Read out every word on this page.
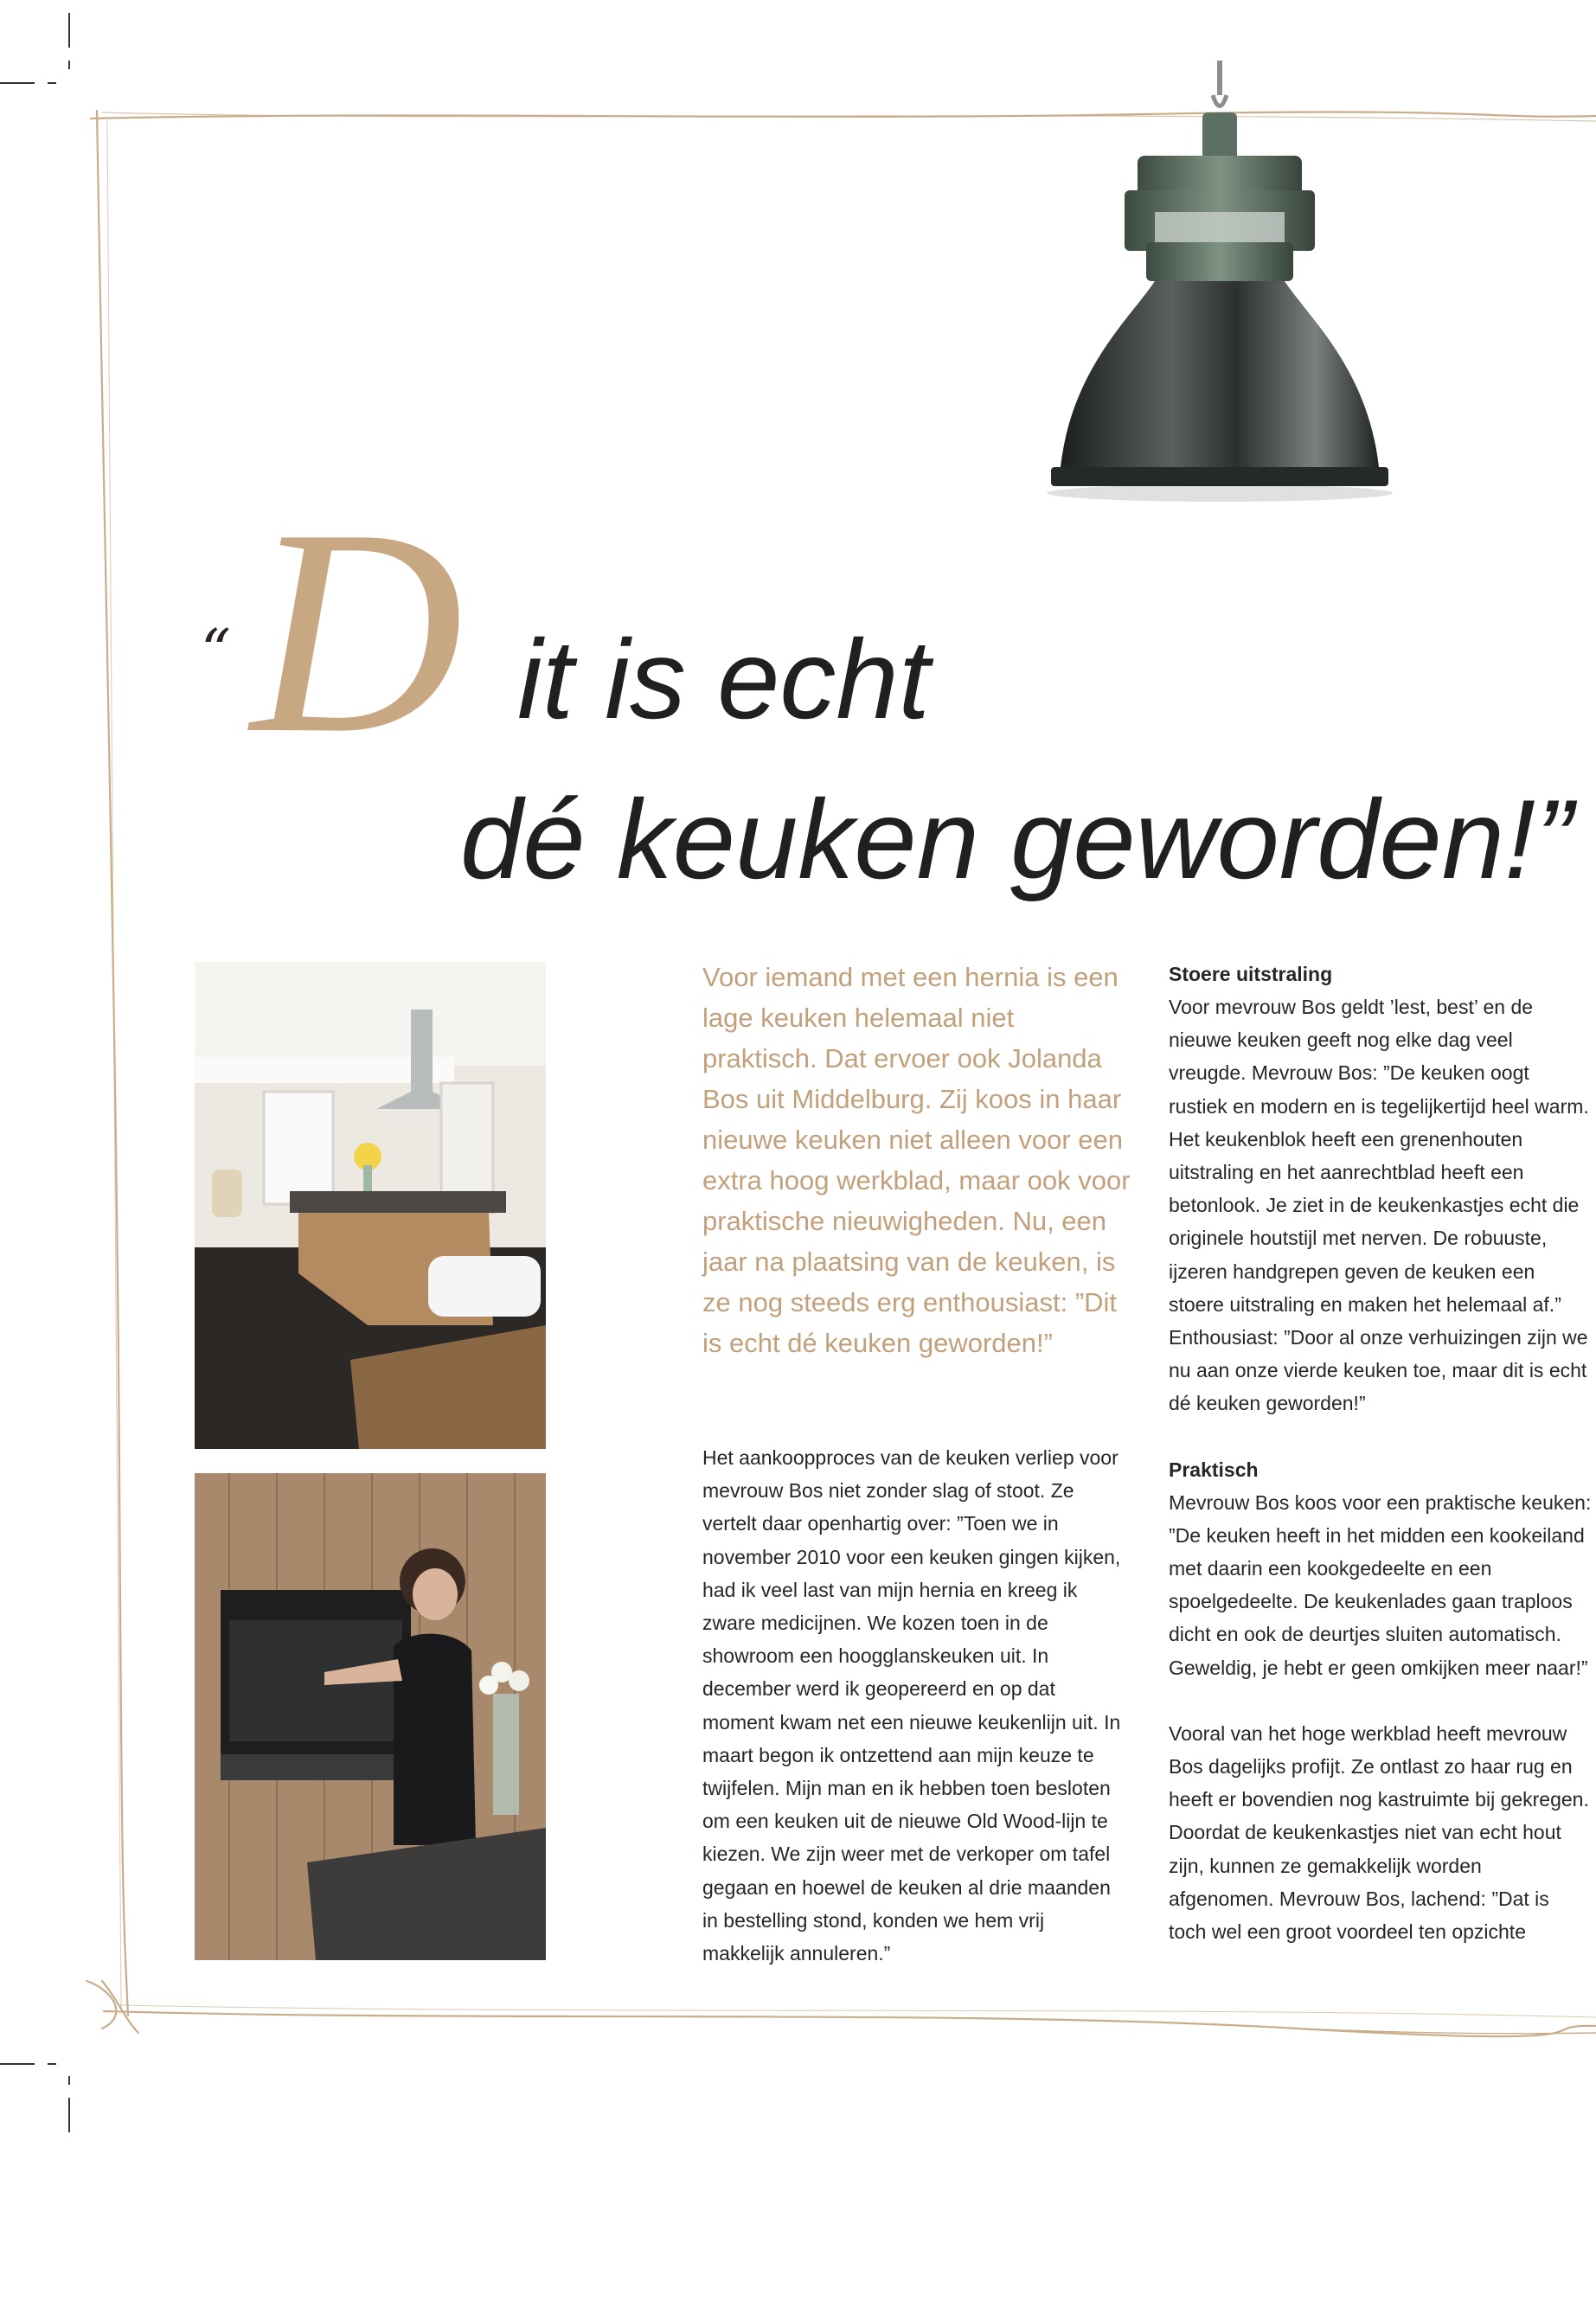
“ D it is echt
dé keuken geworden!”
Voor iemand met een hernia is een lage keuken helemaal niet praktisch. Dat ervoer ook Jolanda Bos uit Middelburg. Zij koos in haar nieuwe keuken niet alleen voor een extra hoog werkblad, maar ook voor praktische nieuwigheden. Nu, een jaar na plaatsing van de keuken, is ze nog steeds erg enthousiast: ”Dit is echt dé keuken geworden!”

Het aankoopproces van de keuken verliep voor mevrouw Bos niet zonder slag of stoot. Ze vertelt daar openhartig over: ”Toen we in november 2010 voor een keuken gingen kijken, had ik veel last van mijn hernia en kreeg ik zware medicijnen. We kozen toen in de showroom een hoogglanskeuken uit. In december werd ik geopereerd en op dat moment kwam net een nieuwe keukenlijn uit. In maart begon ik ontzettend aan mijn keuze te twijfelen. Mijn man en ik hebben toen besloten om een keuken uit de nieuwe Old Wood-lijn te kiezen. We zijn weer met de verkoper om tafel gegaan en hoewel de keuken al drie maanden in bestelling stond, konden we hem vrij makkelijk annuleren.”

Stoere uitstraling

Voor mevrouw Bos geldt ’lest, best’ en de nieuwe keuken geeft nog elke dag veel vreugde. Mevrouw Bos: ”De keuken oogt rustiek en modern en is tegelijkertijd heel warm. Het keukenblok heeft een grenenhouten uitstraling en het aanrechtblad heeft een betonlook. Je ziet in de keukenkastjes echt die originele houtstijl met nerven. De robuuste, ijzeren handgrepen geven de keuken een stoere uitstraling en maken het helemaal af.” Enthousiast: ”Door al onze verhuizingen zijn we nu aan onze vierde keuken toe, maar dit is echt dé keuken geworden!”

Praktisch

Mevrouw Bos koos voor een praktische keuken: ”De keuken heeft in het midden een kookeiland met daarin een kookgedeelte en een spoelgedeelte. De keukenlades gaan traploos dicht en ook de deurtjes sluiten automatisch. Geweldig, je hebt er geen omkijken meer naar!”

Vooral van het hoge werkblad heeft mevrouw Bos dagelijks profijt. Ze ontlast zo haar rug en heeft er bovendien nog kastruimte bij gekregen. Doordat de keukenkastjes niet van echt hout zijn, kunnen ze gemakkelijk worden afgenomen. Mevrouw Bos, lachend: ”Dat is toch wel een groot voordeel ten opzichte
